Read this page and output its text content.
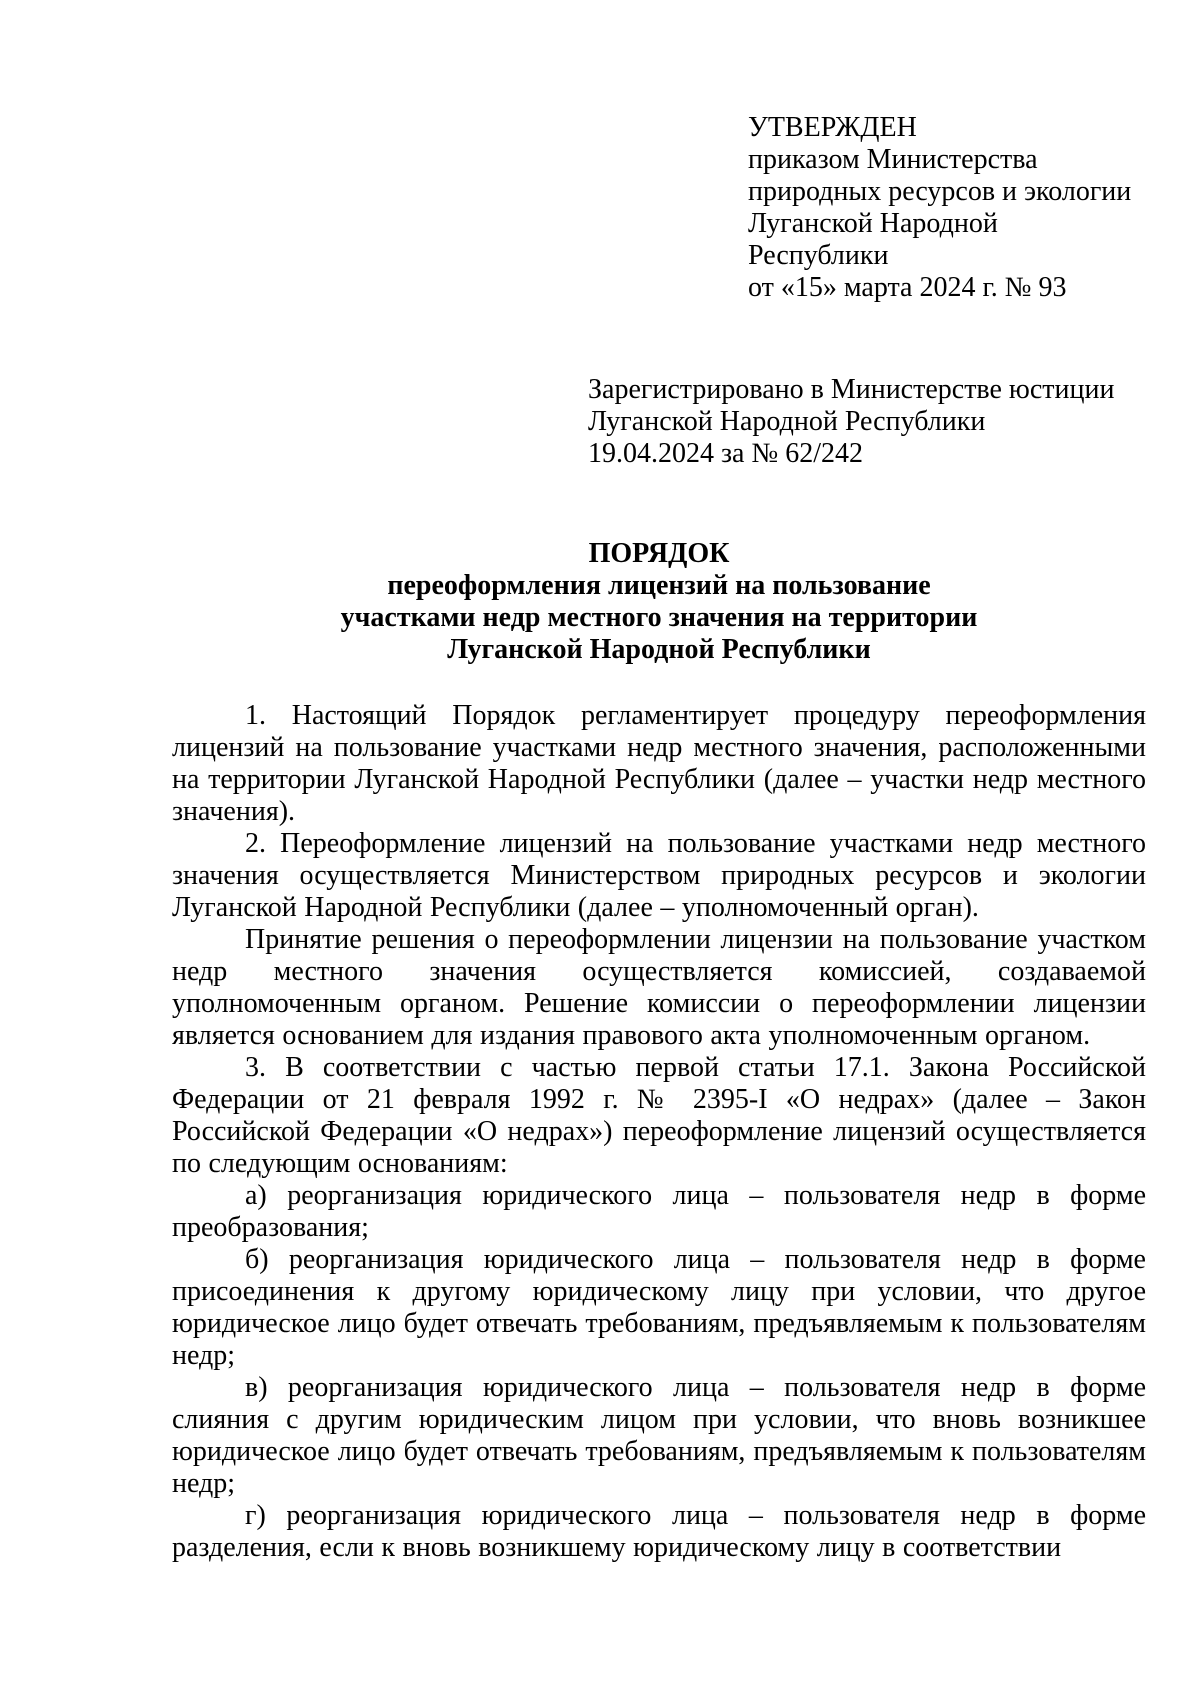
УТВЕРЖДЕН
приказом Министерства
природных ресурсов и экологии
Луганской Народной
Республики
от «15» марта 2024 г. № 93
Зарегистрировано в Министерстве юстиции
Луганской Народной Республики
19.04.2024 за № 62/242
ПОРЯДОК
переоформления лицензий на пользование
участками недр местного значения на территории
Луганской Народной Республики

1. Настоящий Порядок регламентирует процедуру переоформления лицензий на пользование участками недр местного значения, расположенными на территории Луганской Народной Республики (далее – участки недр местного значения).

2. Переоформление лицензий на пользование участками недр местного значения осуществляется Министерством природных ресурсов и экологии Луганской Народной Республики (далее – уполномоченный орган).

Принятие решения о переоформлении лицензии на пользование участком недр местного значения осуществляется комиссией, создаваемой уполномоченным органом. Решение комиссии о переоформлении лицензии является основанием для издания правового акта уполномоченным органом.

3. В соответствии с частью первой статьи 17.1. Закона Российской Федерации от 21 февраля 1992 г. № 2395-I «О недрах» (далее – Закон Российской Федерации «О недрах») переоформление лицензий осуществляется по следующим основаниям:

а) реорганизация юридического лица – пользователя недр в форме преобразования;

б) реорганизация юридического лица – пользователя недр в форме присоединения к другому юридическому лицу при условии, что другое юридическое лицо будет отвечать требованиям, предъявляемым к пользователям недр;

в) реорганизация юридического лица – пользователя недр в форме слияния с другим юридическим лицом при условии, что вновь возникшее юридическое лицо будет отвечать требованиям, предъявляемым к пользователям недр;

г) реорганизация юридического лица – пользователя недр в форме разделения, если к вновь возникшему юридическому лицу в соответствии
